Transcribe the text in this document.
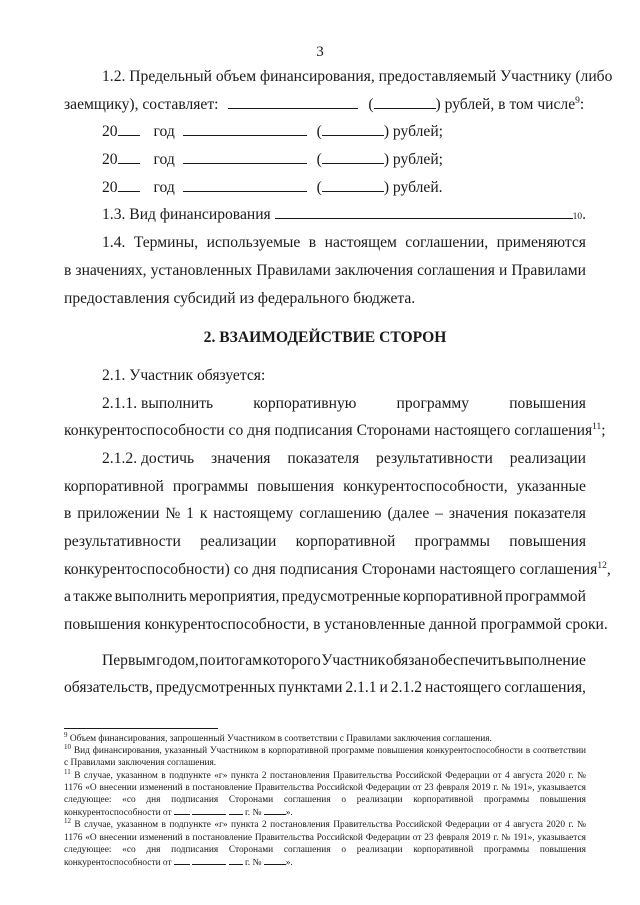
3
1.2. Предельный объем финансирования, предоставляемый Участнику (либо
заемщику), составляет:	(	) рублей, в том числе$^9$:
20 год	(	) рублей;
20 год	(	) рублей;
20 год	(	) рублей.
1.3. Вид финансирования	10 .
1.4. Термины, используемые в настоящем соглашении, применяются
в значениях, установленных Правилами заключения соглашения и Правилами
предоставления субсидий из федерального бюджета.
2. ВЗАИМОДЕЙСТВИЕ СТОРОН
2.1. Участник обязуется:
2.1.1. выполнить	корпоративную	программу	повышения
конкурентоспособности со дня подписания Сторонами настоящего соглашения$^{11}$;
2.1.2. достичь значения показателя результативности реализации
корпоративной программы повышения конкурентоспособности, указанные
в приложении № 1 к настоящему соглашению (далее – значения показателя
результативности реализации корпоративной программы повышения
конкурентоспособности) со дня подписания Сторонами настоящего соглашения$^{12}$,
а также выполнить мероприятия, предусмотренные корпоративной программой
повышения конкурентоспособности, в установленные данной программой сроки.
Первым годом, по итогам которого Участник обязан обеспечить выполнение
обязательств, предусмотренных пунктами 2.1.1 и 2.1.2 настоящего соглашения,
$^9$ Объем финансирования, запрошенный Участником в соответствии с Правилами заключения соглашения.
$^{10}$ Вид финансирования, указанный Участником в корпоративной программе повышения конкурентоспособности в соответствии с Правилами заключения соглашения.
$^{11}$ В случае, указанном в подпункте «г» пункта 2 постановления Правительства Российской Федерации от 4 августа 2020 г. № 1176 «О внесении изменений в постановление Правительства Российской Федерации от 23 февраля 2019 г. № 191», указывается следующее: «со дня подписания Сторонами соглашения о реализации корпоративной программы повышения конкурентоспособности от	г. №	».
$^{12}$ В случае, указанном в подпункте «г» пункта 2 постановления Правительства Российской Федерации от 4 августа 2020 г. № 1176 «О внесении изменений в постановление Правительства Российской Федерации от 23 февраля 2019 г. № 191», указывается следующее: «со дня подписания Сторонами соглашения о реализации корпоративной программы повышения конкурентоспособности от	г. №	».
